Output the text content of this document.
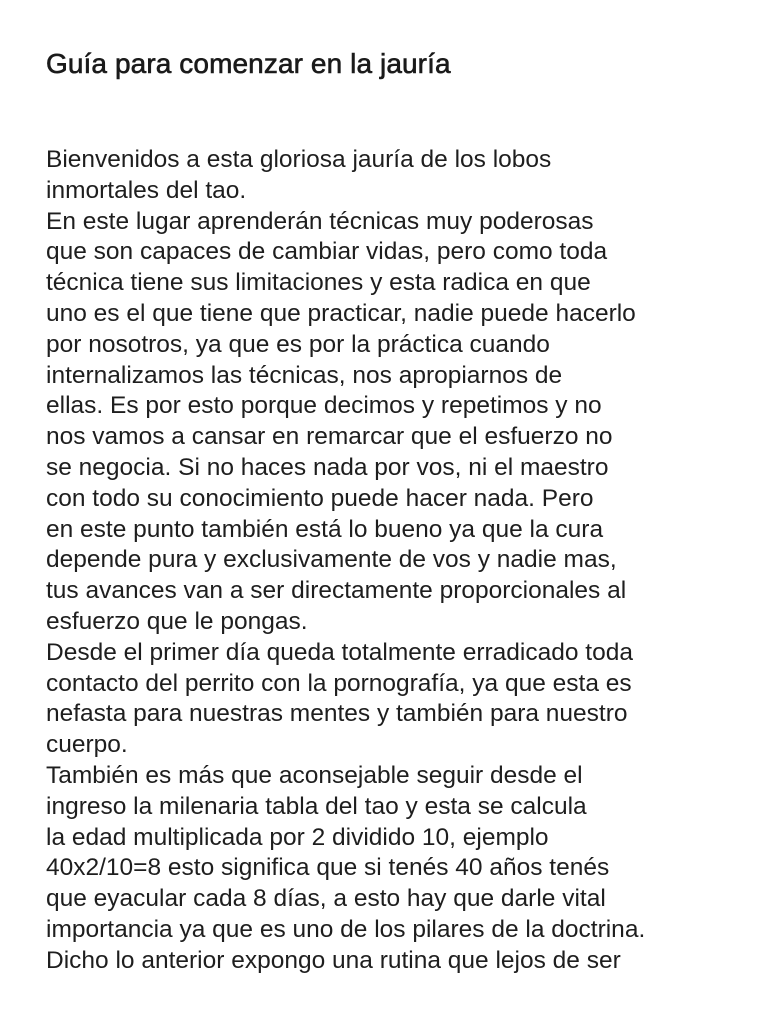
Guía para comenzar en la jauría
Bienvenidos a esta gloriosa jauría de los lobos
inmortales del tao.
En este lugar aprenderán técnicas muy poderosas
que son capaces de cambiar vidas, pero como toda
técnica tiene sus limitaciones y esta radica en que
uno es el que tiene que practicar, nadie puede hacerlo
por nosotros, ya que es por la práctica cuando
internalizamos las técnicas, nos apropiarnos de
ellas. Es por esto porque decimos y repetimos y no
nos vamos a cansar en remarcar que el esfuerzo no
se negocia. Si no haces nada por vos, ni el maestro
con todo su conocimiento puede hacer nada. Pero
en este punto también está lo bueno ya que la cura
depende pura y exclusivamente de vos y nadie mas,
tus avances van a ser directamente proporcionales al
esfuerzo que le pongas.
Desde el primer día queda totalmente erradicado toda
contacto del perrito con la pornografía, ya que esta es
nefasta para nuestras mentes y también para nuestro
cuerpo.
También es más que aconsejable seguir desde el
ingreso la milenaria tabla del tao y esta se calcula
la edad multiplicada por 2 dividido 10, ejemplo
40x2/10=8 esto significa que si tenés 40 años tenés
que eyacular cada 8 días, a esto hay que darle vital
importancia ya que es uno de los pilares de la doctrina.
Dicho lo anterior expongo una rutina que lejos de ser
